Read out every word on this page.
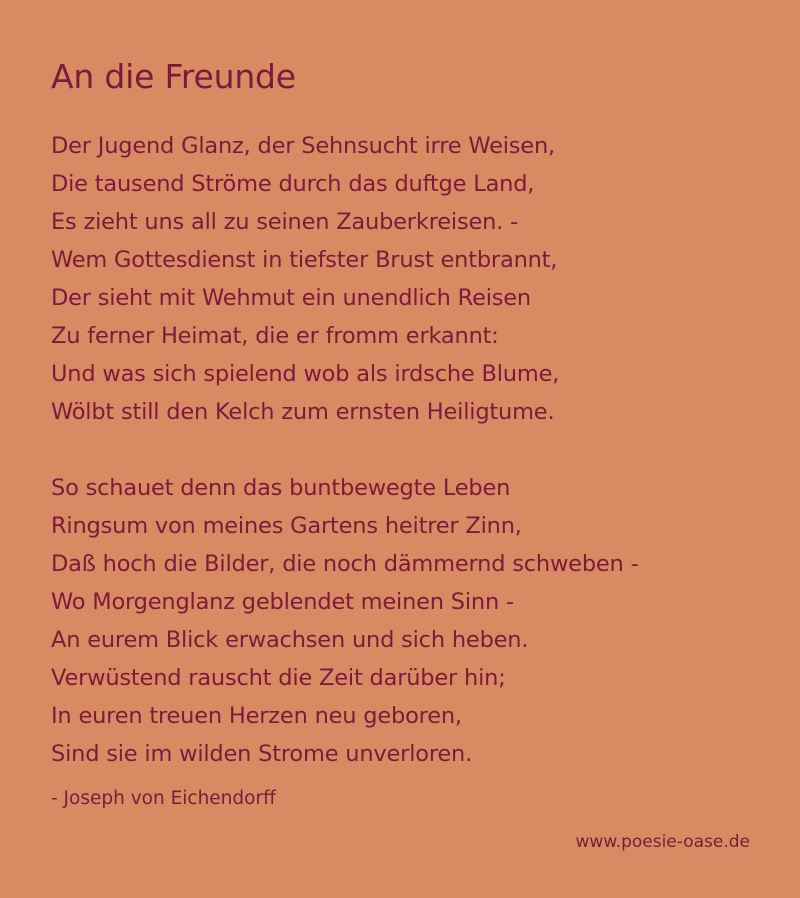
An die Freunde
Der Jugend Glanz, der Sehnsucht irre Weisen,
Die tausend Ströme durch das duftge Land,
Es zieht uns all zu seinen Zauberkreisen. -
Wem Gottesdienst in tiefster Brust entbrannt,
Der sieht mit Wehmut ein unendlich Reisen
Zu ferner Heimat, die er fromm erkannt:
Und was sich spielend wob als irdsche Blume,
Wölbt still den Kelch zum ernsten Heiligtume.
So schauet denn das buntbewegte Leben
Ringsum von meines Gartens heitrer Zinn,
Daß hoch die Bilder, die noch dämmernd schweben -
Wo Morgenglanz geblendet meinen Sinn -
An eurem Blick erwachsen und sich heben.
Verwüstend rauscht die Zeit darüber hin;
In euren treuen Herzen neu geboren,
Sind sie im wilden Strome unverloren.
- Joseph von Eichendorff
www.poesie-oase.de
